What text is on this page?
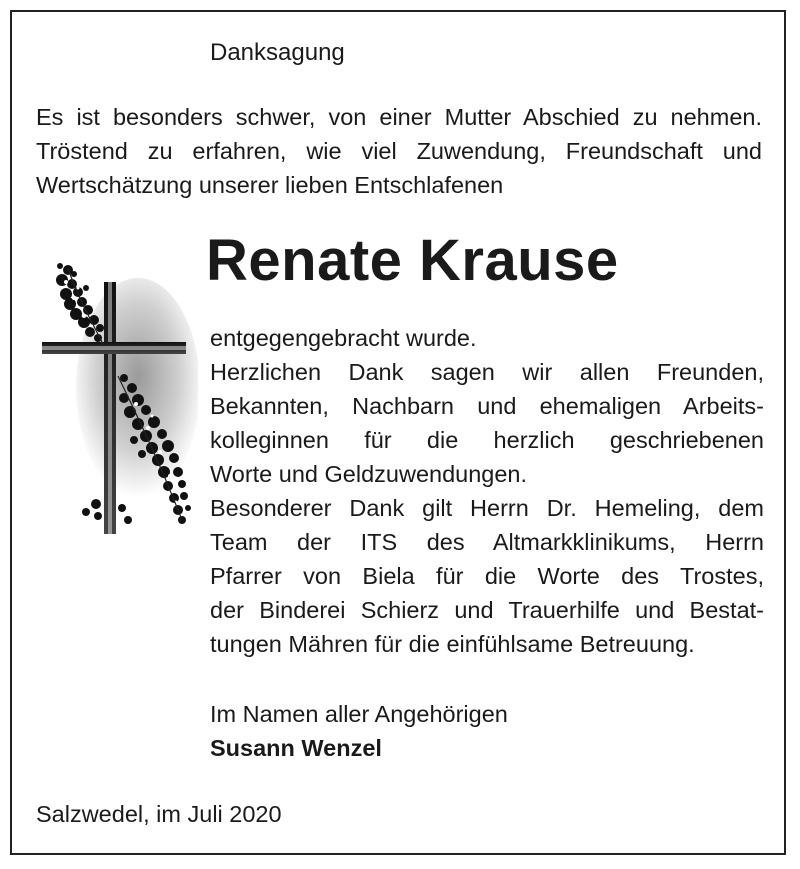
Danksagung
Es ist besonders schwer, von einer Mutter Abschied zu nehmen.
Tröstend zu erfahren, wie viel Zuwendung, Freundschaft und
Wertschätzung unserer lieben Entschlafenen
Renate Krause
entgegengebracht wurde.
Herzlichen Dank sagen wir allen Freunden,
Bekannten, Nachbarn und ehemaligen Arbeits-
kolleginnen für die herzlich geschriebenen
Worte und Geldzuwendungen.
Besonderer Dank gilt Herrn Dr. Hemeling, dem
Team der ITS des Altmarkklinikums, Herrn
Pfarrer von Biela für die Worte des Trostes,
der Binderei Schierz und Trauerhilfe und Bestat-
tungen Mähren für die einfühlsame Betreuung.
Im Namen aller Angehörigen
Susann Wenzel
Salzwedel, im Juli 2020
